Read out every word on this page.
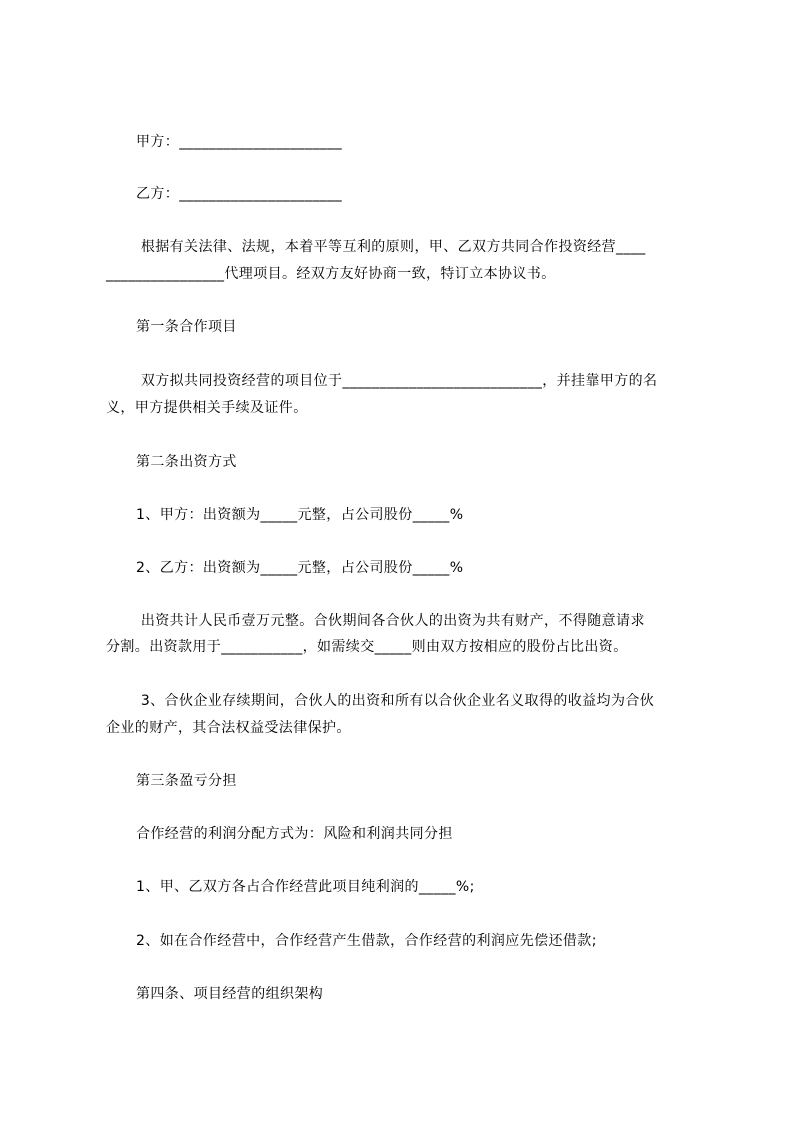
甲方：______________________
乙方：______________________
根据有关法律、法规，本着平等互利的原则，甲、乙双方共同合作投资经营____
________________代理项目。经双方友好协商一致，特订立本协议书。
第一条合作项目
双方拟共同投资经营的项目位于___________________________，并挂靠甲方的名
义，甲方提供相关手续及证件。
第二条出资方式
1、甲方：出资额为_____元整，占公司股份_____%
2、乙方：出资额为_____元整，占公司股份_____%
出资共计人民币壹万元整。合伙期间各合伙人的出资为共有财产，不得随意请求
分割。出资款用于___________，如需续交_____则由双方按相应的股份占比出资。
3、合伙企业存续期间，合伙人的出资和所有以合伙企业名义取得的收益均为合伙
企业的财产，其合法权益受法律保护。
第三条盈亏分担
合作经营的利润分配方式为：风险和利润共同分担
1、甲、乙双方各占合作经营此项目纯利润的_____%;
2、如在合作经营中，合作经营产生借款，合作经营的利润应先偿还借款;
第四条、项目经营的组织架构
